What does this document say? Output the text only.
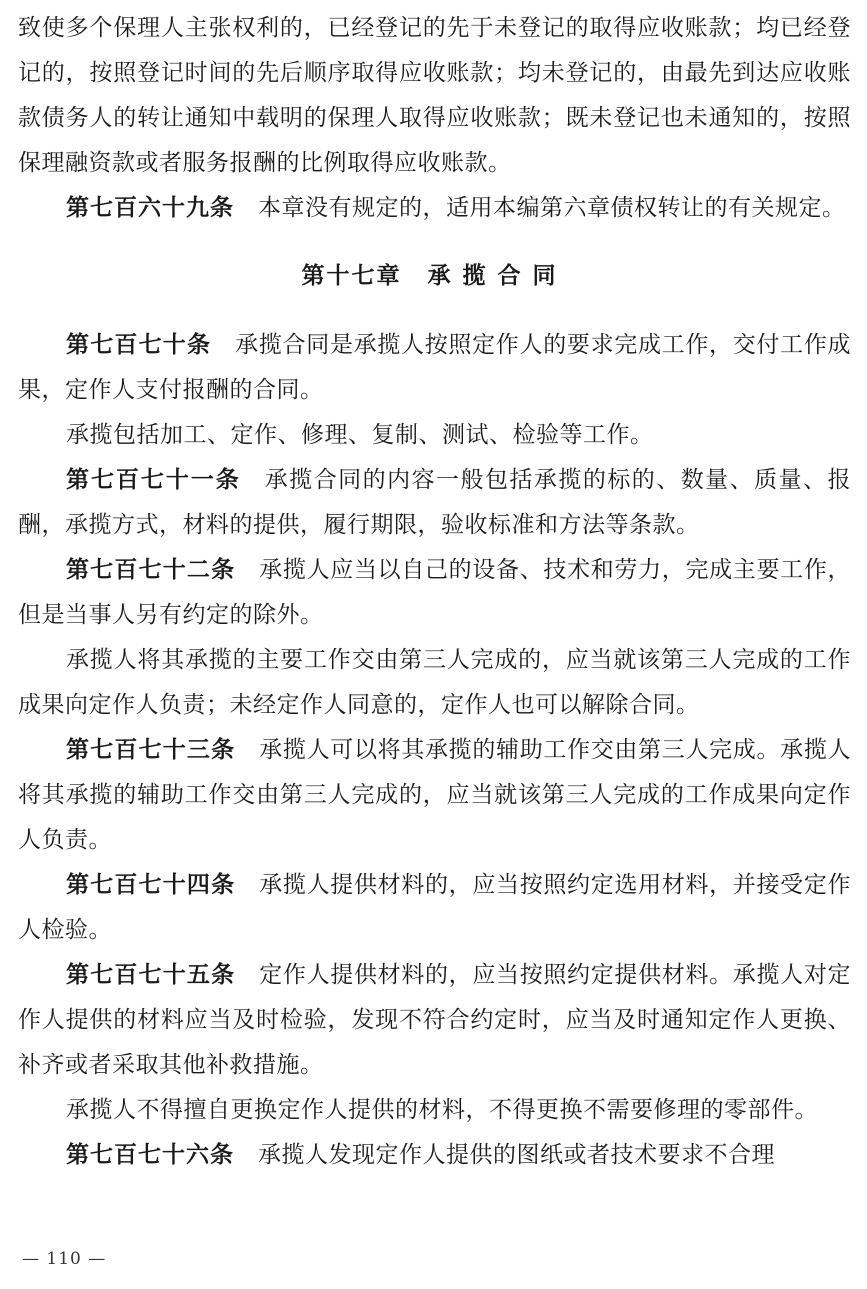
致使多个保理人主张权利的，已经登记的先于未登记的取得应收账款；均已经登记的，按照登记时间的先后顺序取得应收账款；均未登记的，由最先到达应收账款债务人的转让通知中载明的保理人取得应收账款；既未登记也未通知的，按照保理融资款或者服务报酬的比例取得应收账款。

第七百六十九条 本章没有规定的，适用本编第六章债权转让的有关规定。

第十七章 承揽合同

第七百七十条 承揽合同是承揽人按照定作人的要求完成工作，交付工作成果，定作人支付报酬的合同。

承揽包括加工、定作、修理、复制、测试、检验等工作。

第七百七十一条 承揽合同的内容一般包括承揽的标的、数量、质量、报酬，承揽方式，材料的提供，履行期限，验收标准和方法等条款。

第七百七十二条 承揽人应当以自己的设备、技术和劳力，完成主要工作，但是当事人另有约定的除外。

承揽人将其承揽的主要工作交由第三人完成的，应当就该第三人完成的工作成果向定作人负责；未经定作人同意的，定作人也可以解除合同。

第七百七十三条 承揽人可以将其承揽的辅助工作交由第三人完成。承揽人将其承揽的辅助工作交由第三人完成的，应当就该第三人完成的工作成果向定作人负责。

第七百七十四条 承揽人提供材料的，应当按照约定选用材料，并接受定作人检验。

第七百七十五条 定作人提供材料的，应当按照约定提供材料。承揽人对定作人提供的材料应当及时检验，发现不符合约定时，应当及时通知定作人更换、补齐或者采取其他补救措施。

承揽人不得擅自更换定作人提供的材料，不得更换不需要修理的零部件。

第七百七十六条 承揽人发现定作人提供的图纸或者技术要求不合理

— 110 —
